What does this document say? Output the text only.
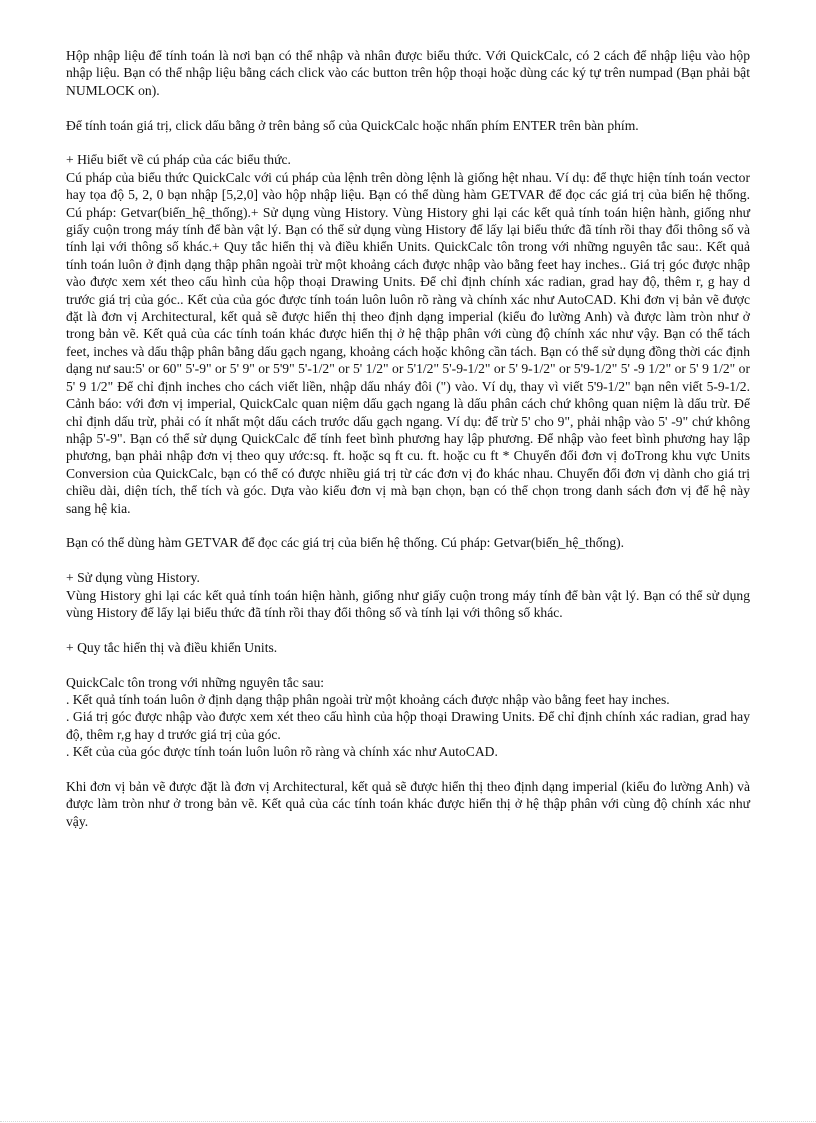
Hộp nhập liệu để tính toán là nơi bạn có thể nhập và nhân được biểu thức. Với QuickCalc, có 2 cách để nhập liệu vào hộp nhập liệu. Bạn có thể nhập liệu bằng cách click vào các button trên hộp thoại hoặc dùng các ký tự trên numpad (Bạn phải bật NUMLOCK on).

Để tính toán giá trị, click dấu bằng ở trên bảng số của QuickCalc hoặc nhấn phím ENTER trên bàn phím.

+ Hiểu biết về cú pháp của các biểu thức.
Cú pháp của biểu thức QuickCalc với cú pháp của lệnh trên dòng lệnh là giống hệt nhau. Ví dụ: để thực hiện tính toán vector hay tọa độ 5, 2, 0 bạn nhập [5,2,0] vào hộp nhập liệu. Bạn có thể dùng hàm GETVAR để đọc các giá trị của biến hệ thống. Cú pháp: Getvar(biến_hệ_thống).+ Sử dụng vùng History. Vùng History ghi lại các kết quả tính toán hiện hành, giống như giấy cuộn trong máy tính để bàn vật lý. Bạn có thể sử dụng vùng History để lấy lại biểu thức đã tính rồi thay đổi thông số và tính lại với thông số khác.+ Quy tắc hiển thị và điều khiển Units. QuickCalc tôn trong với những nguyên tắc sau:. Kết quả tính toán luôn ở định dạng thập phân ngoài trừ một khoảng cách được nhập vào bằng feet hay inches.. Giá trị góc được nhập vào được xem xét theo cấu hình của hộp thoại Drawing Units. Để chỉ định chính xác radian, grad hay độ, thêm r, g hay d trước giá trị của góc.. Kết của của góc được tính toán luôn luôn rõ ràng và chính xác như AutoCAD. Khi đơn vị bản vẽ được đặt là đơn vị Architectural, kết quả sẽ được hiển thị theo định dạng imperial (kiểu đo lường Anh) và được làm tròn như ở trong bản vẽ. Kết quả của các tính toán khác được hiển thị ở hệ thập phân với cùng độ chính xác như vậy. Bạn có thể tách feet, inches và dấu thập phân bằng dấu gạch ngang, khoảng cách hoặc không cần tách. Bạn có thể sử dụng đồng thời các định dạng nư sau:5' or 60" 5'-9" or 5' 9" or 5'9" 5'-1/2" or 5' 1/2" or 5'1/2" 5'-9-1/2" or 5' 9-1/2" or 5'9-1/2" 5' -9 1/2" or 5' 9 1/2" or 5' 9 1/2" Để chỉ định inches cho cách viết liền, nhập dấu nháy đôi (") vào. Ví dụ, thay vì viết 5'9-1/2" bạn nên viết 5-9-1/2. Cảnh báo: với đơn vị imperial, QuickCalc quan niệm dấu gạch ngang là dấu phân cách chứ không quan niệm là dấu trừ. Để chỉ định dấu trừ, phải có ít nhất một dấu cách trước dấu gạch ngang. Ví dụ: để trừ 5' cho 9", phải nhập vào 5' -9" chứ không nhập 5'-9". Bạn có thể sử dụng QuickCalc để tính feet bình phương hay lập phương. Để nhập vào feet bình phương hay lập phương, bạn phải nhập đơn vị theo quy ước:sq. ft. hoặc sq ft cu. ft. hoặc cu ft * Chuyển đổi đơn vị đoTrong khu vực Units Conversion của QuickCalc, bạn có thể có được nhiều giá trị từ các đơn vị đo khác nhau. Chuyển đổi đơn vị dành cho giá trị chiều dài, diện tích, thể tích và góc. Dựa vào kiểu đơn vị mà bạn chọn, bạn có thể chọn trong danh sách đơn vị để hệ này sang hệ kia.

Bạn có thể dùng hàm GETVAR để đọc các giá trị của biến hệ thống. Cú pháp: Getvar(biến_hệ_thống).

+ Sử dụng vùng History.
Vùng History ghi lại các kết quả tính toán hiện hành, giống như giấy cuộn trong máy tính để bàn vật lý. Bạn có thể sử dụng vùng History để lấy lại biểu thức đã tính rồi thay đổi thông số và tính lại với thông số khác.

+ Quy tắc hiển thị và điều khiển Units.

QuickCalc tôn trong với những nguyên tắc sau:
. Kết quả tính toán luôn ở định dạng thập phân ngoài trừ một khoảng cách được nhập vào bằng feet hay inches.
. Giá trị góc được nhập vào được xem xét theo cấu hình của hộp thoại Drawing Units. Để chỉ định chính xác radian, grad hay độ, thêm r,g hay d trước giá trị của góc.
. Kết của của góc được tính toán luôn luôn rõ ràng và chính xác như AutoCAD.

Khi đơn vị bản vẽ được đặt là đơn vị Architectural, kết quả sẽ được hiển thị theo định dạng imperial (kiểu đo lường Anh) và được làm tròn như ở trong bản vẽ. Kết quả của các tính toán khác được hiển thị ở hệ thập phân với cùng độ chính xác như vậy.
